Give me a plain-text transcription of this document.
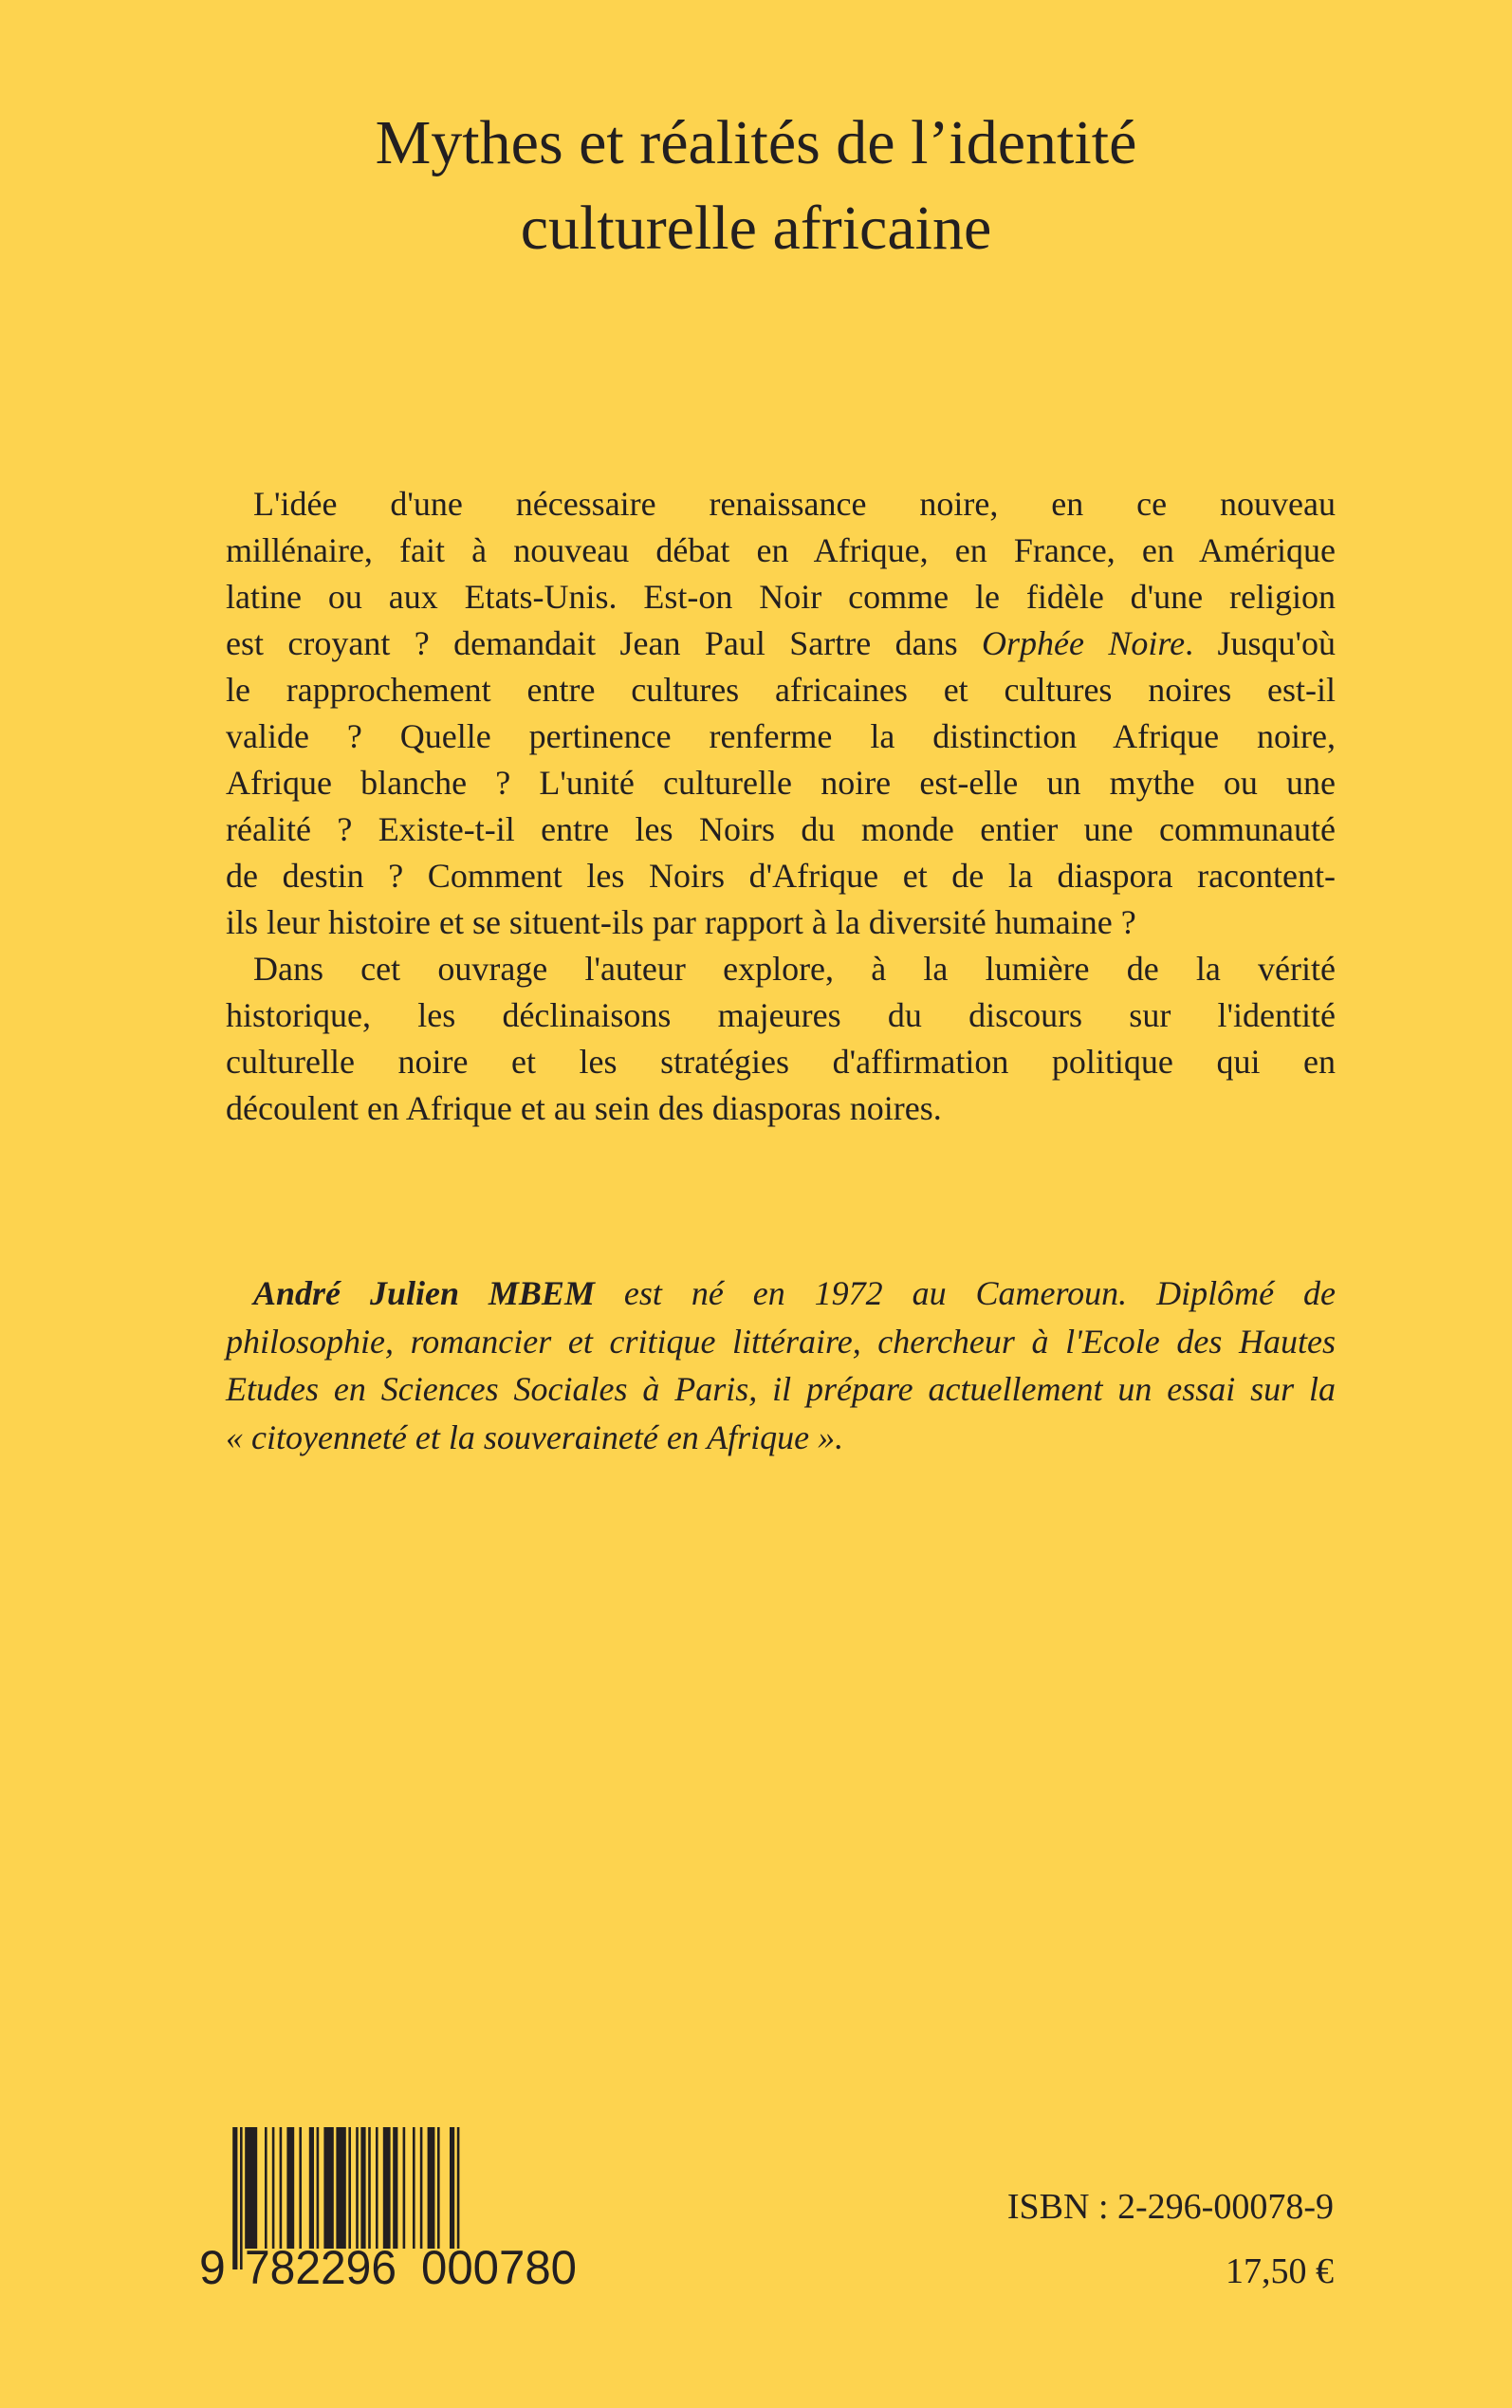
Mythes et réalités de l’identité
culturelle africaine
L'idée d'une nécessaire renaissance noire, en ce nouveau
millénaire, fait à nouveau débat en Afrique, en France, en Amérique
latine ou aux Etats-Unis. Est-on Noir comme le fidèle d'une religion
est croyant ? demandait Jean Paul Sartre dans Orphée Noire. Jusqu'où
le rapprochement entre cultures africaines et cultures noires est-il
valide ? Quelle pertinence renferme la distinction Afrique noire,
Afrique blanche ? L'unité culturelle noire est-elle un mythe ou une
réalité ? Existe-t-il entre les Noirs du monde entier une communauté
de destin ? Comment les Noirs d'Afrique et de la diaspora racontent-
ils leur histoire et se situent-ils par rapport à la diversité humaine ?
Dans cet ouvrage l'auteur explore, à la lumière de la vérité
historique, les déclinaisons majeures du discours sur l'identité
culturelle noire et les stratégies d'affirmation politique qui en
découlent en Afrique et au sein des diasporas noires.
André Julien MBEM est né en 1972 au Cameroun. Diplômé de
philosophie, romancier et critique littéraire, chercheur à l'Ecole des Hautes
Etudes en Sciences Sociales à Paris, il prépare actuellement un essai sur la
« citoyenneté et la souveraineté en Afrique ».
9 782296 000780
ISBN : 2-296-00078-9
17,50 €
